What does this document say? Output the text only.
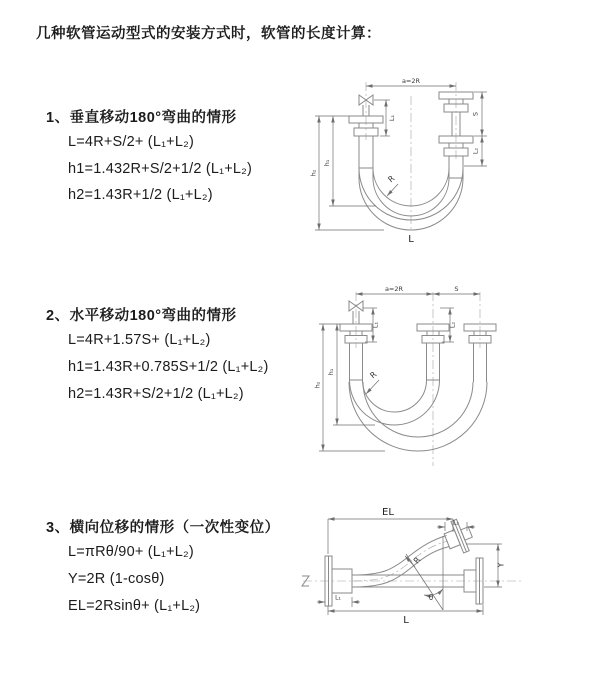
几种软管运动型式的安装方式时，软管的长度计算：
1、垂直移动180°弯曲的情形
L=4R+S/2+ (L₁+L₂)
h1=1.432R+S/2+1/2 (L₁+L₂)
h2=1.43R+1/2 (L₁+L₂)
2、水平移动180°弯曲的情形
L=4R+1.57S+ (L₁+L₂)
h1=1.43R+0.785S+1/2 (L₁+L₂)
h2=1.43R+S/2+1/2 (L₁+L₂)
3、横向位移的情形（一次性变位）
L=πRθ/90+ (L₁+L₂)
Y=2R (1-cosθ)
EL=2Rsinθ+ (L₁+L₂)
a=2R
L₁
h₁
h₂
S
L₂
R
L
a=2R	S
L₁	L₂
h₁
h₂
R
EL
L₂
Y
L
L₁
R
θ
